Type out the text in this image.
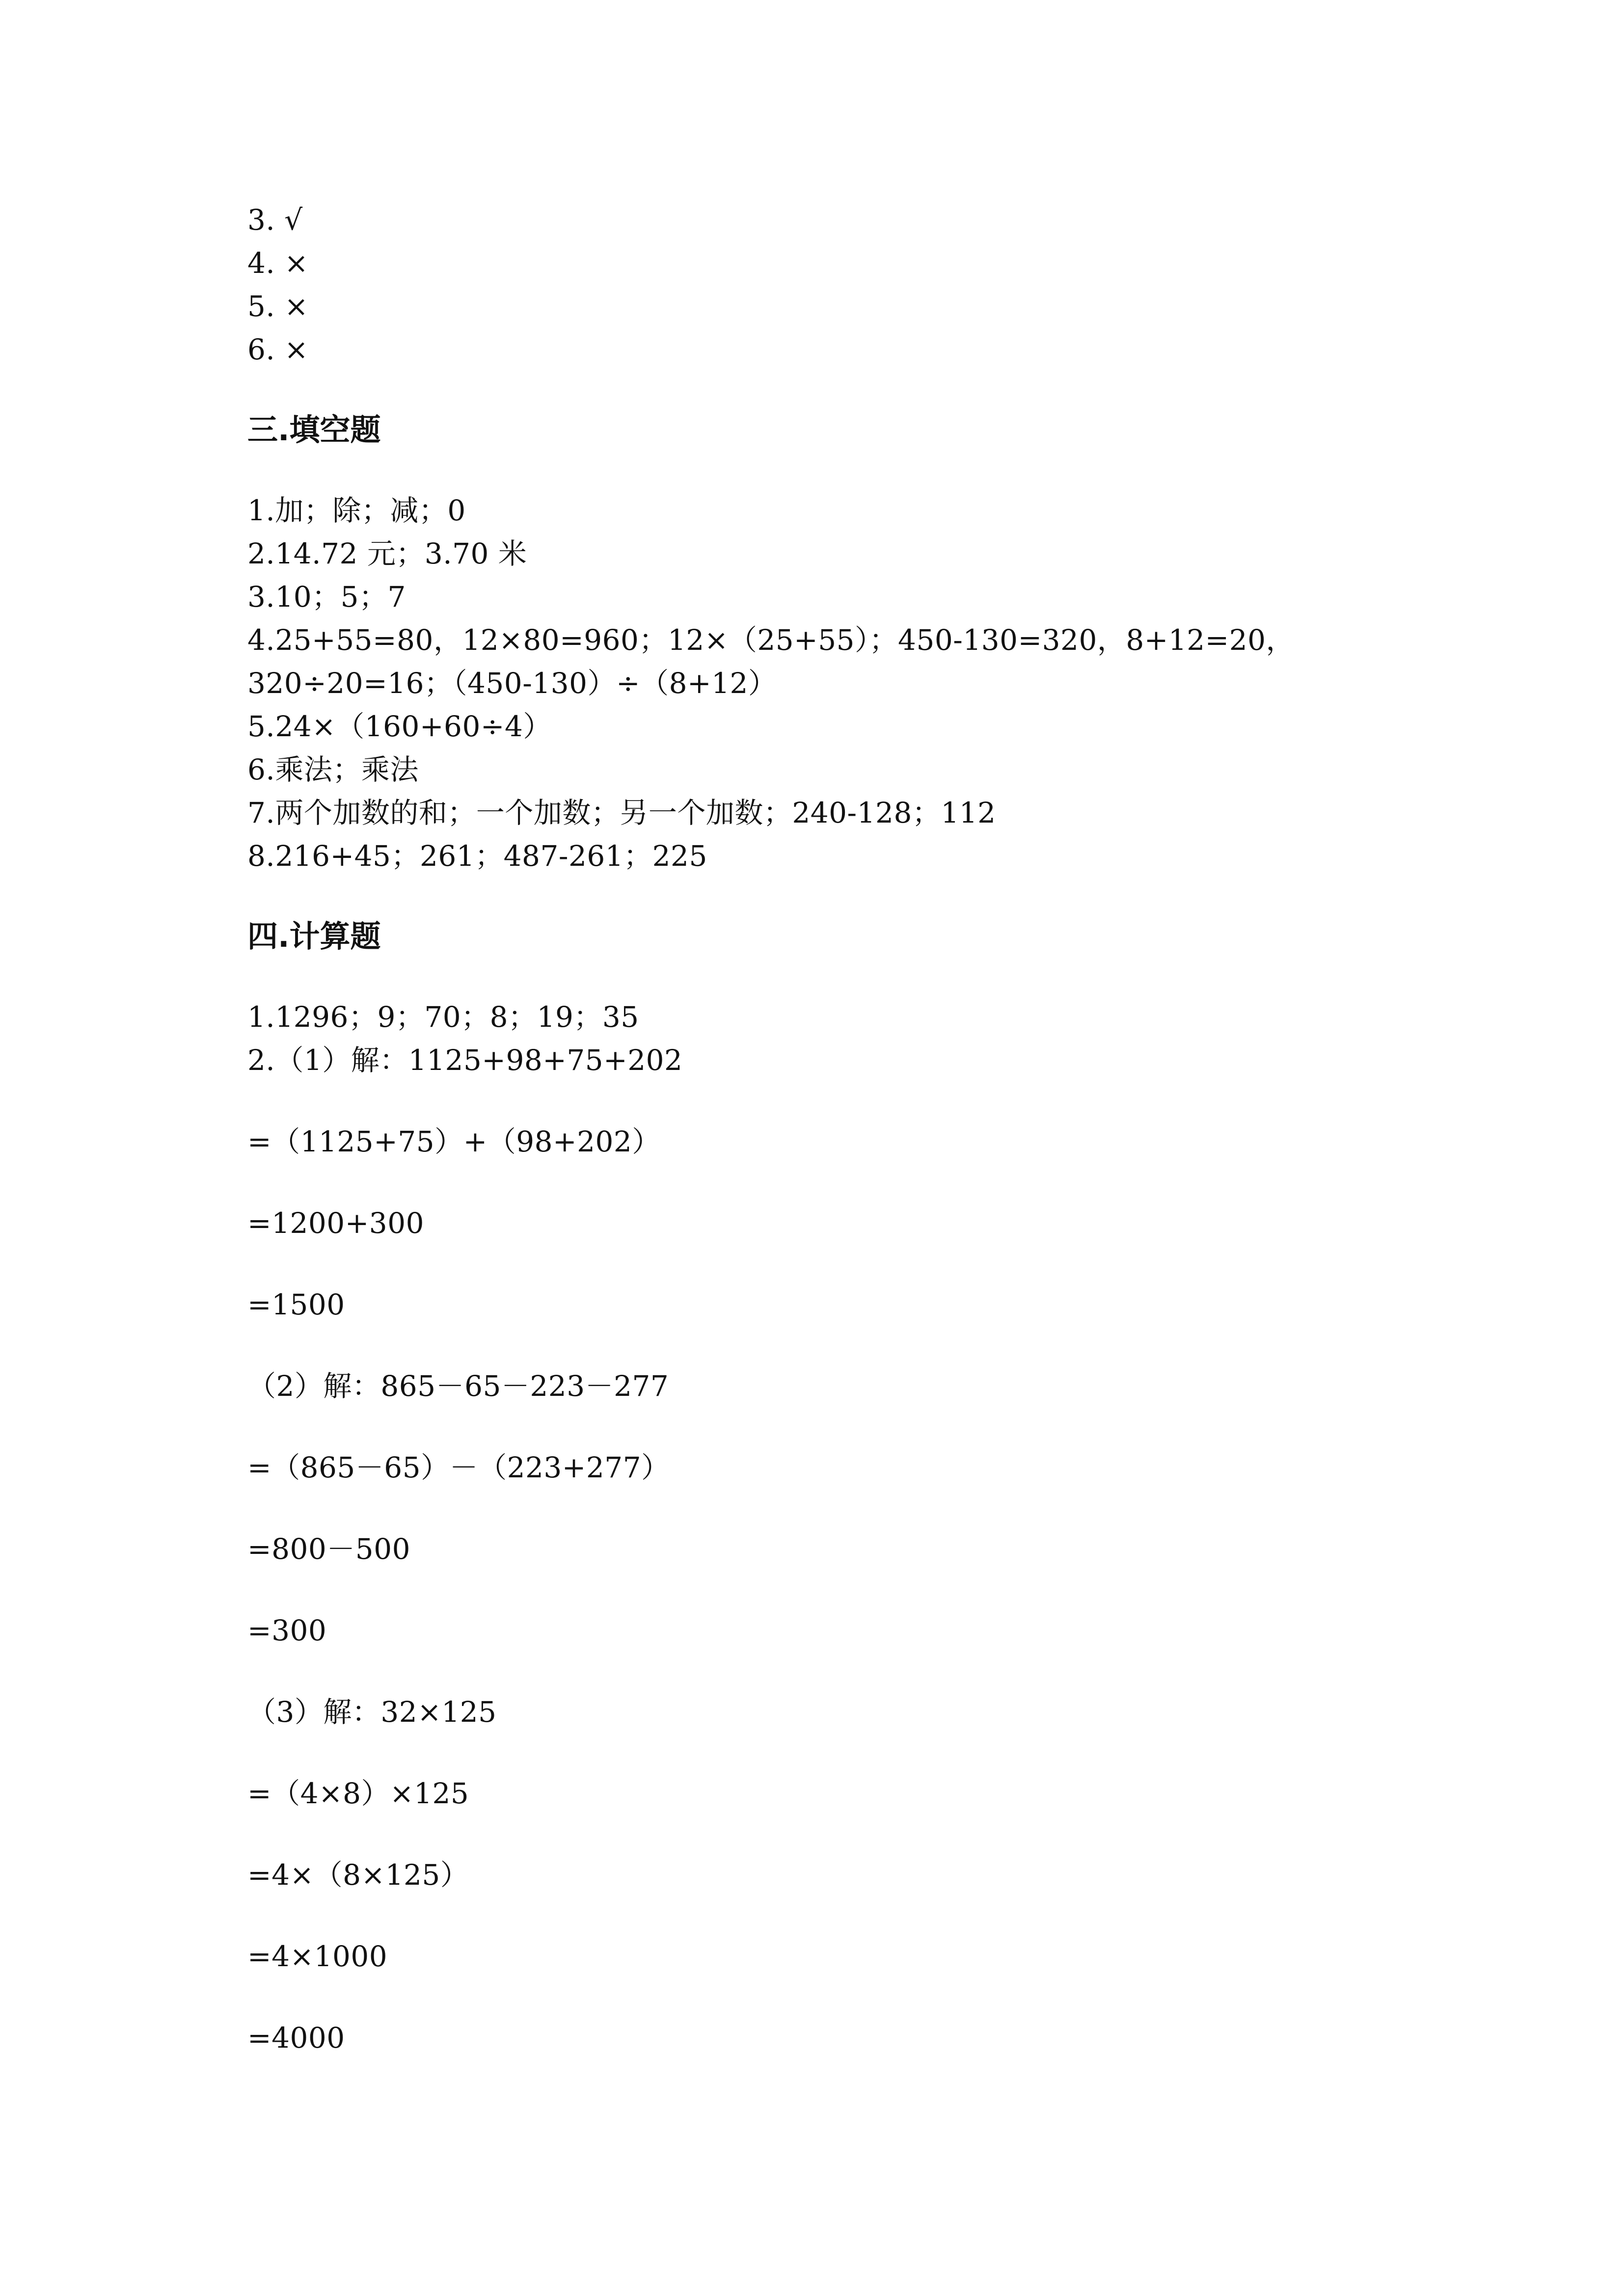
3. √
4. ×
5. ×
6. ×
三.填空题
1.加；除；减；0
2.14.72 元；3.70 米
3.10；5；7
4.25+55=80，12×80=960；12×（25+55）；450-130=320，8+12=20，
320÷20=16；（450-130）÷（8+12）
5.24×（160+60÷4）
6.乘法；乘法
7.两个加数的和；一个加数；另一个加数；240-128；112
8.216+45；261；487-261；225
四.计算题
1.1296；9；70；8；19；35
2.（1）解：1125+98+75+202
=（1125+75）+（98+202）
=1200+300
=1500
（2）解：865－65－223－277
=（865－65）－（223+277）
=800－500
=300
（3）解：32×125
=（4×8）×125
=4×（8×125）
=4×1000
=4000
